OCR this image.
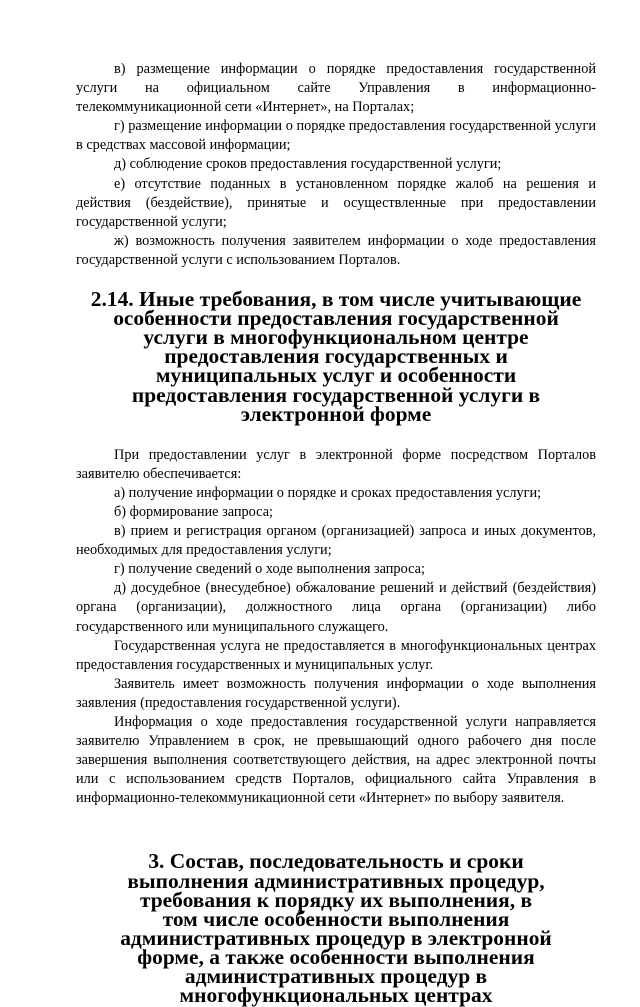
в) размещение информации о порядке предоставления государственной услуги на официальном сайте Управления в информационно-телекоммуникационной сети «Интернет», на Порталах;

г) размещение информации о порядке предоставления государственной услуги в средствах массовой информации;

д) соблюдение сроков предоставления государственной услуги;

е) отсутствие поданных в установленном порядке жалоб на решения и действия (бездействие), принятые и осуществленные при предоставлении государственной услуги;

ж) возможность получения заявителем информации о ходе предоставления государственной услуги с использованием Порталов.

2.14. Иные требования, в том числе учитывающие особенности предоставления государственной услуги в многофункциональном центре предоставления государственных и муниципальных услуг и особенности предоставления государственной услуги в электронной форме

При предоставлении услуг в электронной форме посредством Порталов заявителю обеспечивается:

а) получение информации о порядке и сроках предоставления услуги;

б) формирование запроса;

в) прием и регистрация органом (организацией) запроса и иных документов, необходимых для предоставления услуги;

г) получение сведений о ходе выполнения запроса;

д) досудебное (внесудебное) обжалование решений и действий (бездействия) органа (организации), должностного лица органа (организации) либо государственного или муниципального служащего.

Государственная услуга не предоставляется в многофункциональных центрах предоставления государственных и муниципальных услуг.

Заявитель имеет возможность получения информации о ходе выполнения заявления (предоставления государственной услуги).

Информация о ходе предоставления государственной услуги направляется заявителю Управлением в срок, не превышающий одного рабочего дня после завершения выполнения соответствующего действия, на адрес электронной почты или с использованием средств Порталов, официального сайта Управления в информационно-телекоммуникационной сети «Интернет» по выбору заявителя.

3. Состав, последовательность и сроки выполнения административных процедур, требования к порядку их выполнения, в том числе особенности выполнения административных процедур в электронной форме, а также особенности выполнения административных процедур в многофункциональных центрах
